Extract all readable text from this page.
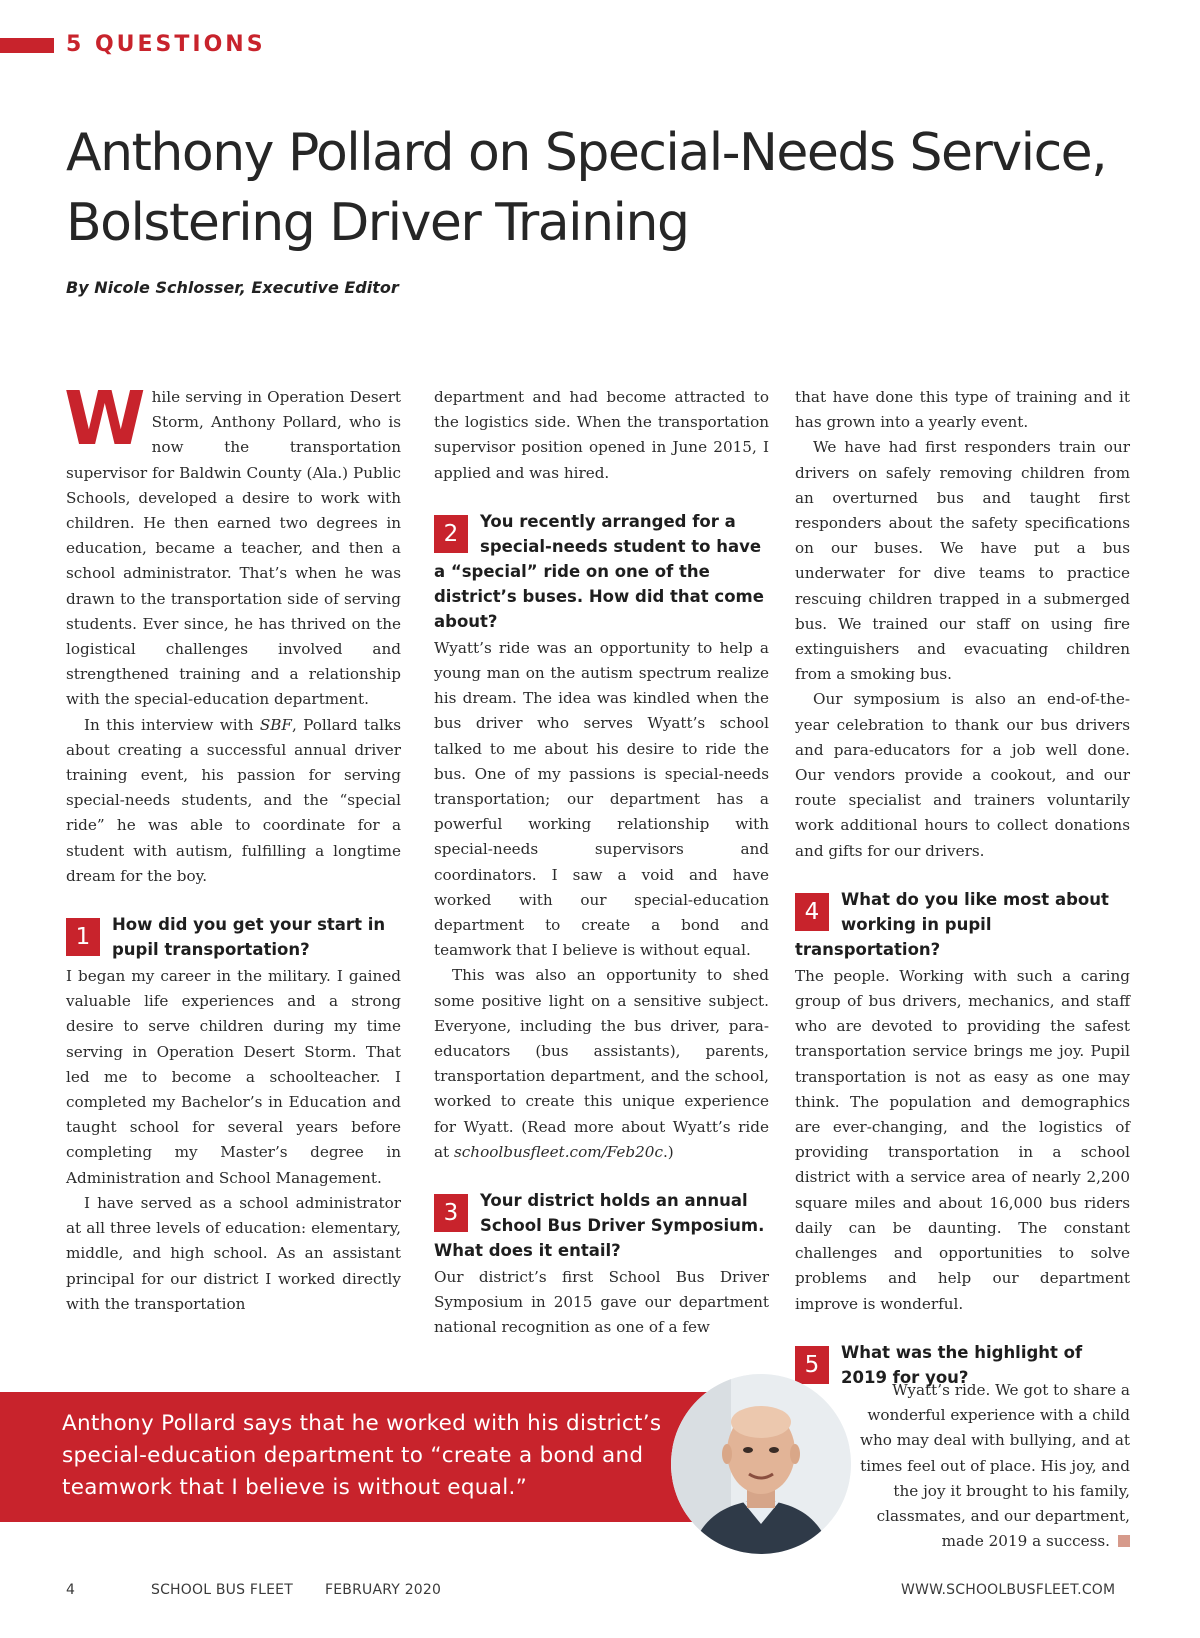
5 QUESTIONS
Anthony Pollard on Special-Needs Service, Bolstering Driver Training
By Nicole Schlosser, Executive Editor

While serving in Operation Desert Storm, Anthony Pollard, who is now the transportation supervisor for Baldwin County (Ala.) Public Schools, developed a desire to work with children. He then earned two degrees in education, became a teacher, and then a school administrator. That’s when he was drawn to the transportation side of serving students. Ever since, he has thrived on the logistical challenges involved and strengthened training and a relationship with the special-education department.

In this interview with SBF, Pollard talks about creating a successful annual driver training event, his passion for serving special-needs students, and the “special ride” he was able to coordinate for a student with autism, fulfilling a longtime dream for the boy.

1	How did you get your start in pupil transportation?

I began my career in the military. I gained valuable life experiences and a strong desire to serve children during my time serving in Operation Desert Storm. That led me to become a schoolteacher. I completed my Bachelor’s in Education and taught school for several years before completing my Master’s degree in Administration and School Management.

I have served as a school administrator at all three levels of education: elementary, middle, and high school. As an assistant principal for our district I worked directly with the transportation

department and had become attracted to the logistics side. When the transportation supervisor position opened in June 2015, I applied and was hired.

2	You recently arranged for a special-needs student to have a “special” ride on one of the district’s buses. How did that come about?

Wyatt’s ride was an opportunity to help a young man on the autism spectrum realize his dream. The idea was kindled when the bus driver who serves Wyatt’s school talked to me about his desire to ride the bus. One of my passions is special-needs transportation; our department has a powerful working relationship with special-needs supervisors and coordinators. I saw a void and have worked with our special-education department to create a bond and teamwork that I believe is without equal.

This was also an opportunity to shed some positive light on a sensitive subject. Everyone, including the bus driver, para-educators (bus assistants), parents, transportation department, and the school, worked to create this unique experience for Wyatt. (Read more about Wyatt’s ride at schoolbusfleet.com/Feb20c.)

3	Your district holds an annual School Bus Driver Symposium. What does it entail?

Our district’s first School Bus Driver Symposium in 2015 gave our department national recognition as one of a few

that have done this type of training and it has grown into a yearly event.

We have had first responders train our drivers on safely removing children from an overturned bus and taught first responders about the safety specifications on our buses. We have put a bus underwater for dive teams to practice rescuing children trapped in a submerged bus. We trained our staff on using fire extinguishers and evacuating children from a smoking bus.

Our symposium is also an end-of-the-year celebration to thank our bus drivers and para-educators for a job well done. Our vendors provide a cookout, and our route specialist and trainers voluntarily work additional hours to collect donations and gifts for our drivers.

4	What do you like most about working in pupil transportation?

The people. Working with such a caring group of bus drivers, mechanics, and staff who are devoted to providing the safest transportation service brings me joy. Pupil transportation is not as easy as one may think. The population and demographics are ever-changing, and the logistics of providing transportation in a school district with a service area of nearly 2,200 square miles and about 16,000 bus riders daily can be daunting. The constant challenges and opportunities to solve problems and help our department improve is wonderful.

5	What was the highlight of 2019 for you?

Anthony Pollard says that he worked with his district’s special-education department to “create a bond and teamwork that I believe is without equal.”

Wyatt’s ride. We got to share a wonderful experience with a child who may deal with bullying, and at times feel out of place. His joy, and the joy it brought to his family, classmates, and our department, made 2019 a success.

4	SCHOOL BUS FLEET FEBRUARY 2020	WWW.SCHOOLBUSFLEET.COM
